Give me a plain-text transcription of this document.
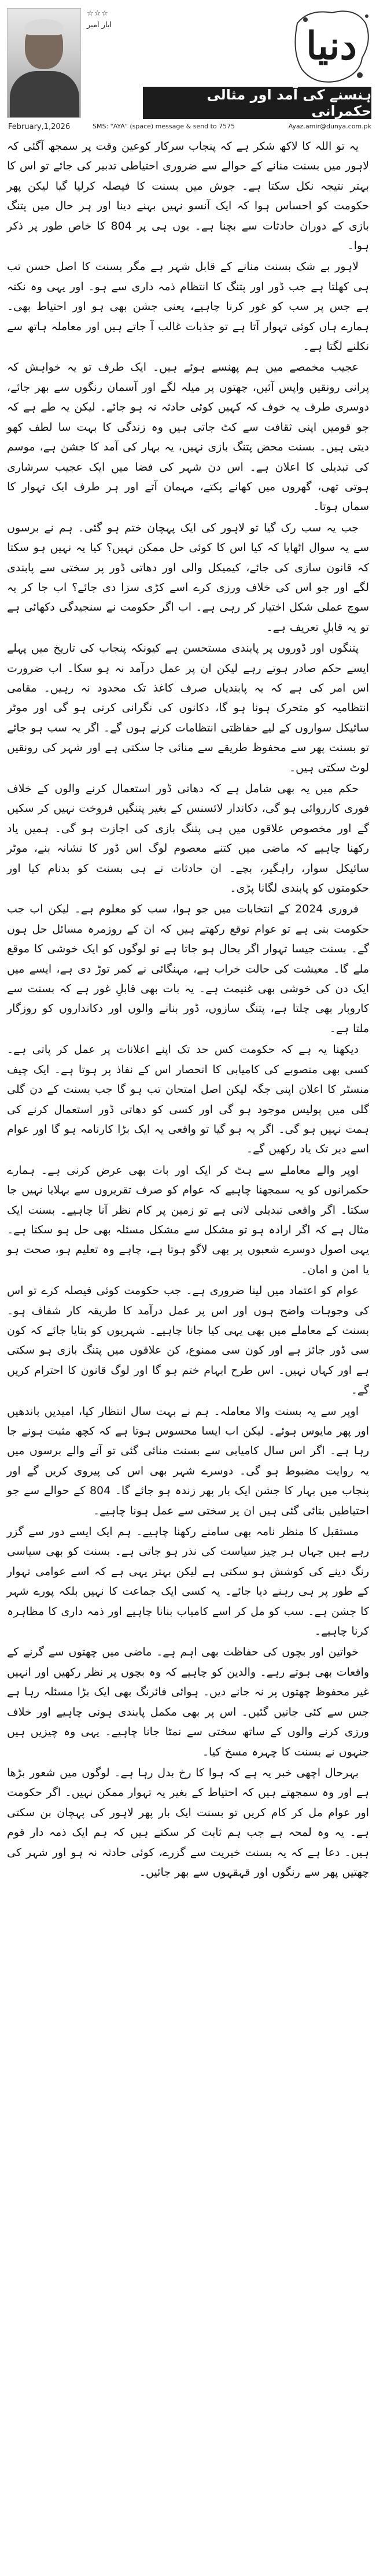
دنیا
☆☆☆
ایاز امیر
ہنسنے کی آمد اور مثالی حکمرانی
February,1,2026	SMS: "AYA" (space) message & send to 7575	Ayaz.amir@dunya.com.pk

یہ تو اللہ کا لاکھ شکر ہے کہ پنجاب سرکار کوعین وقت پر سمجھ آگئی کہ لاہور میں بسنت منانے کے حوالے سے ضروری احتیاطی تدبیر کی جائے تو اس کا بہتر نتیجہ نکل سکتا ہے۔ جوش میں بسنت کا فیصلہ کرلیا گیا لیکن پھر حکومت کو احساس ہوا کہ ایک آنسو نہیں بہنے دینا اور ہر حال میں پتنگ بازی کے دوران حادثات سے بچنا ہے۔ یوں ہی پر 804 کا خاص طور پر ذکر ہوا۔

لاہور بے شک بسنت منانے کے قابل شہر ہے مگر بسنت کا اصل حسن تب ہی کھلتا ہے جب ڈور اور پتنگ کا انتظام ذمہ داری سے ہو۔ اور یہی وہ نکتہ ہے جس پر سب کو غور کرنا چاہیے، یعنی جشن بھی ہو اور احتیاط بھی۔ ہمارے ہاں کوئی تہوار آتا ہے تو جذبات غالب آ جاتے ہیں اور معاملہ ہاتھ سے نکلنے لگتا ہے۔

عجیب مخمصے میں ہم پھنسے ہوئے ہیں۔ ایک طرف تو یہ خواہش کہ پرانی رونقیں واپس آئیں، چھتوں پر میلہ لگے اور آسمان رنگوں سے بھر جائے، دوسری طرف یہ خوف کہ کہیں کوئی حادثہ نہ ہو جائے۔ لیکن یہ طے ہے کہ جو قومیں اپنی ثقافت سے کٹ جاتی ہیں وہ زندگی کا بہت سا لطف کھو دیتی ہیں۔ بسنت محض پتنگ بازی نہیں، یہ بہار کی آمد کا جشن ہے، موسم کی تبدیلی کا اعلان ہے۔ اس دن شہر کی فضا میں ایک عجیب سرشاری ہوتی تھی، گھروں میں کھانے پکتے، مہمان آتے اور ہر طرف ایک تہوار کا سماں ہوتا۔

جب یہ سب رک گیا تو لاہور کی ایک پہچان ختم ہو گئی۔ ہم نے برسوں سے یہ سوال اٹھایا کہ کیا اس کا کوئی حل ممکن نہیں؟ کیا یہ نہیں ہو سکتا کہ قانون سازی کی جائے، کیمیکل والی اور دھاتی ڈور پر سختی سے پابندی لگے اور جو اس کی خلاف ورزی کرے اسے کڑی سزا دی جائے؟ اب جا کر یہ سوچ عملی شکل اختیار کر رہی ہے۔ اب اگر حکومت نے سنجیدگی دکھائی ہے تو یہ قابلِ تعریف ہے۔

پتنگوں اور ڈوروں پر پابندی مستحسن ہے کیونکہ پنجاب کی تاریخ میں پہلے ایسے حکم صادر ہوتے رہے لیکن ان پر عمل درآمد نہ ہو سکا۔ اب ضرورت اس امر کی ہے کہ یہ پابندیاں صرف کاغذ تک محدود نہ رہیں۔ مقامی انتظامیہ کو متحرک ہونا ہو گا، دکانوں کی نگرانی کرنی ہو گی اور موٹر سائیکل سواروں کے لیے حفاظتی انتظامات کرنے ہوں گے۔ اگر یہ سب ہو جائے تو بسنت پھر سے محفوظ طریقے سے منائی جا سکتی ہے اور شہر کی رونقیں لوٹ سکتی ہیں۔

حکم میں یہ بھی شامل ہے کہ دھاتی ڈور استعمال کرنے والوں کے خلاف فوری کارروائی ہو گی، دکاندار لائسنس کے بغیر پتنگیں فروخت نہیں کر سکیں گے اور مخصوص علاقوں میں ہی پتنگ بازی کی اجازت ہو گی۔ ہمیں یاد رکھنا چاہیے کہ ماضی میں کتنے معصوم لوگ اس ڈور کا نشانہ بنے، موٹر سائیکل سوار، راہگیر، بچے۔ ان حادثات نے ہی بسنت کو بدنام کیا اور حکومتوں کو پابندی لگانا پڑی۔

فروری 2024 کے انتخابات میں جو ہوا، سب کو معلوم ہے۔ لیکن اب جب حکومت بنی ہے تو عوام توقع رکھتے ہیں کہ ان کے روزمرہ مسائل حل ہوں گے۔ بسنت جیسا تہوار اگر بحال ہو جاتا ہے تو لوگوں کو ایک خوشی کا موقع ملے گا۔ معیشت کی حالت خراب ہے، مہنگائی نے کمر توڑ دی ہے، ایسے میں ایک دن کی خوشی بھی غنیمت ہے۔ یہ بات بھی قابلِ غور ہے کہ بسنت سے کاروبار بھی چلتا ہے، پتنگ سازوں، ڈور بنانے والوں اور دکانداروں کو روزگار ملتا ہے۔

دیکھنا یہ ہے کہ حکومت کس حد تک اپنے اعلانات پر عمل کر پاتی ہے۔ کسی بھی منصوبے کی کامیابی کا انحصار اس کے نفاذ پر ہوتا ہے۔ ایک چیف منسٹر کا اعلان اپنی جگہ لیکن اصل امتحان تب ہو گا جب بسنت کے دن گلی گلی میں پولیس موجود ہو گی اور کسی کو دھاتی ڈور استعمال کرنے کی ہمت نہیں ہو گی۔ اگر یہ ہو گیا تو واقعی یہ ایک بڑا کارنامہ ہو گا اور عوام اسے دیر تک یاد رکھیں گے۔

اوپر والے معاملے سے ہٹ کر ایک اور بات بھی عرض کرنی ہے۔ ہمارے حکمرانوں کو یہ سمجھنا چاہیے کہ عوام کو صرف تقریروں سے بہلایا نہیں جا سکتا۔ اگر واقعی تبدیلی لانی ہے تو زمین پر کام نظر آنا چاہیے۔ بسنت ایک مثال ہے کہ اگر ارادہ ہو تو مشکل سے مشکل مسئلہ بھی حل ہو سکتا ہے۔ یہی اصول دوسرے شعبوں پر بھی لاگو ہوتا ہے، چاہے وہ تعلیم ہو، صحت ہو یا امن و امان۔

عوام کو اعتماد میں لینا ضروری ہے۔ جب حکومت کوئی فیصلہ کرے تو اس کی وجوہات واضح ہوں اور اس پر عمل درآمد کا طریقہ کار شفاف ہو۔ بسنت کے معاملے میں بھی یہی کیا جانا چاہیے۔ شہریوں کو بتایا جائے کہ کون سی ڈور جائز ہے اور کون سی ممنوع، کن علاقوں میں پتنگ بازی ہو سکتی ہے اور کہاں نہیں۔ اس طرح ابہام ختم ہو گا اور لوگ قانون کا احترام کریں گے۔

اوپر سے یہ بسنت والا معاملہ۔ ہم نے بہت سال انتظار کیا، امیدیں باندھیں اور پھر مایوس ہوئے۔ لیکن اب ایسا محسوس ہوتا ہے کہ کچھ مثبت ہونے جا رہا ہے۔ اگر اس سال کامیابی سے بسنت منائی گئی تو آنے والے برسوں میں یہ روایت مضبوط ہو گی۔ دوسرے شہر بھی اس کی پیروی کریں گے اور پنجاب میں بہار کا جشن ایک بار پھر زندہ ہو جائے گا۔ 804 کے حوالے سے جو احتیاطیں بتائی گئی ہیں ان پر سختی سے عمل ہونا چاہیے۔

مستقبل کا منظر نامہ بھی سامنے رکھنا چاہیے۔ ہم ایک ایسے دور سے گزر رہے ہیں جہاں ہر چیز سیاست کی نذر ہو جاتی ہے۔ بسنت کو بھی سیاسی رنگ دینے کی کوشش ہو سکتی ہے لیکن بہتر یہی ہے کہ اسے عوامی تہوار کے طور پر ہی رہنے دیا جائے۔ یہ کسی ایک جماعت کا نہیں بلکہ پورے شہر کا جشن ہے۔ سب کو مل کر اسے کامیاب بنانا چاہیے اور ذمہ داری کا مظاہرہ کرنا چاہیے۔

خواتین اور بچوں کی حفاظت بھی اہم ہے۔ ماضی میں چھتوں سے گرنے کے واقعات بھی ہوتے رہے۔ والدین کو چاہیے کہ وہ بچوں پر نظر رکھیں اور انہیں غیر محفوظ چھتوں پر نہ جانے دیں۔ ہوائی فائرنگ بھی ایک بڑا مسئلہ رہا ہے جس سے کئی جانیں گئیں۔ اس پر بھی مکمل پابندی ہونی چاہیے اور خلاف ورزی کرنے والوں کے ساتھ سختی سے نمٹا جانا چاہیے۔ یہی وہ چیزیں ہیں جنہوں نے بسنت کا چہرہ مسخ کیا۔

بہرحال اچھی خبر یہ ہے کہ ہوا کا رخ بدل رہا ہے۔ لوگوں میں شعور بڑھا ہے اور وہ سمجھتے ہیں کہ احتیاط کے بغیر یہ تہوار ممکن نہیں۔ اگر حکومت اور عوام مل کر کام کریں تو بسنت ایک بار پھر لاہور کی پہچان بن سکتی ہے۔ یہ وہ لمحہ ہے جب ہم ثابت کر سکتے ہیں کہ ہم ایک ذمہ دار قوم ہیں۔ دعا ہے کہ یہ بسنت خیریت سے گزرے، کوئی حادثہ نہ ہو اور شہر کی چھتیں پھر سے رنگوں اور قہقہوں سے بھر جائیں۔
